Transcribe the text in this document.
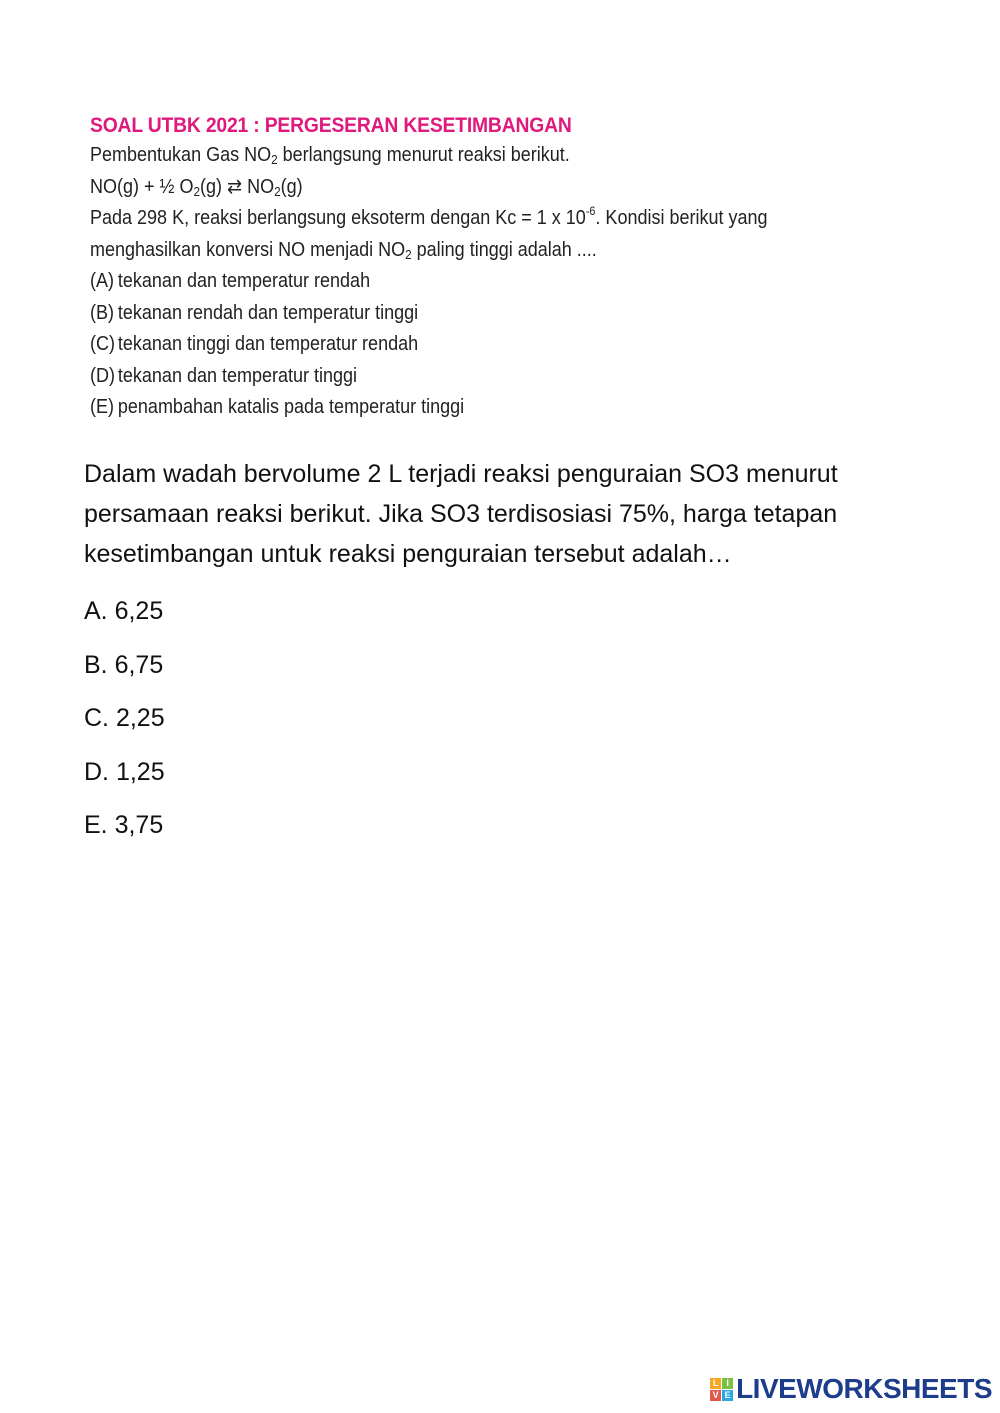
SOAL UTBK 2021 : PERGESERAN KESETIMBANGAN
Pembentukan Gas $NO_2$ berlangsung menurut reaksi berikut.
NO(g) + ½ $O_2(g)$ ⇄ $NO_2(g)$
Pada 298 K, reaksi berlangsung eksoterm dengan Kc = 1 x $10^{-6}$. Kondisi berikut yang
menghasilkan konversi NO menjadi $NO_2$ paling tinggi adalah ....
(A) tekanan dan temperatur rendah
(B) tekanan rendah dan temperatur tinggi
(C) tekanan tinggi dan temperatur rendah
(D) tekanan dan temperatur tinggi
(E) penambahan katalis pada temperatur tinggi

Dalam wadah bervolume 2 L terjadi reaksi penguraian SO3 menurut persamaan reaksi berikut. Jika SO3 terdisosiasi 75%, harga tetapan kesetimbangan untuk reaksi penguraian tersebut adalah…

A. 6,25
B. 6,75
C. 2,25
D. 1,25
E. 3,75
L I
V E LIVEWORKSHEETS
